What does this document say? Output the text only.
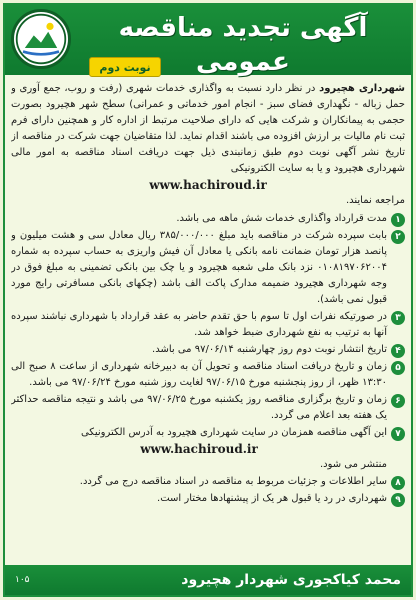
آگهی تجدید مناقصه عمومی
نوبت دوم

شهرداری هچیرود در نظر دارد نسبت به واگذاری خدمات شهری (رفت و روب، جمع آوری و حمل زباله - نگهداری فضای سبز - انجام امور خدماتی و عمرانی) سطح شهر هچیرود بصورت حجمی به پیمانکاران و شرکت هایی که دارای صلاحیت مرتبط از اداره کار و همچنین دارای فرم ثبت نام مالیات بر ارزش افزوده می باشند اقدام نماید. لذا متقاضیان جهت شرکت در مناقصه از تاریخ نشر آگهی نوبت دوم طبق زمانبندی ذیل جهت دریافت اسناد مناقصه به امور مالی شهرداری هچیرود و یا به سایت الکترونیکی
www.hachiroud.ir
مراجعه نمایند.

۱
مدت قرارداد واگذاری خدمات شش ماهه می باشد.
۲
بابت سپرده شرکت در مناقصه باید مبلغ ۳۸۵/۰۰۰/۰۰۰ ریال معادل سی و هشت میلیون و پانصد هزار تومان ضمانت نامه بانکی یا معادل آن فیش واریزی به حساب سپرده به شماره ۰۱۰۸۱۹۷۰۶۲۰۰۴ نزد بانک ملی شعبه هچیرود و یا چک بین بانکی تضمینی به مبلغ فوق در وجه شهرداری هچیرود ضمیمه مدارک پاکت الف باشد (چکهای بانکی مسافرتی رایج مورد قبول نمی باشد).
۳
در صورتیکه نفرات اول تا سوم با حق تقدم حاضر به عقد قرارداد با شهرداری نباشند سپرده آنها به ترتیب به نفع شهرداری ضبط خواهد شد.
۴
تاریخ انتشار نوبت دوم روز چهارشنبه ۹۷/۰۶/۱۴ می باشد.
۵
زمان و تاریخ دریافت اسناد مناقصه و تحویل آن به دبیرخانه شهرداری از ساعت ۸ صبح الی ۱۳:۳۰ ظهر، از روز پنجشنبه مورخ ۹۷/۰۶/۱۵ لغایت روز شنبه مورخ ۹۷/۰۶/۲۴ می باشد.
۶
زمان و تاریخ برگزاری مناقصه روز یکشنبه مورخ ۹۷/۰۶/۲۵ می باشد و نتیجه مناقصه حداکثر یک هفته بعد اعلام می گردد.
۷
این آگهی مناقصه همزمان در سایت شهرداری هچیرود به آدرس الکترونیکی
www.hachiroud.ir
منتشر می شود.
۸
سایر اطلاعات و جزئیات مربوط به مناقصه در اسناد مناقصه درج می گردد.
۹
شهرداری در رد یا قبول هر یک از پیشنهادها مختار است.
محمد کیاکجوری شهردار هچیرود
۱۰۵
